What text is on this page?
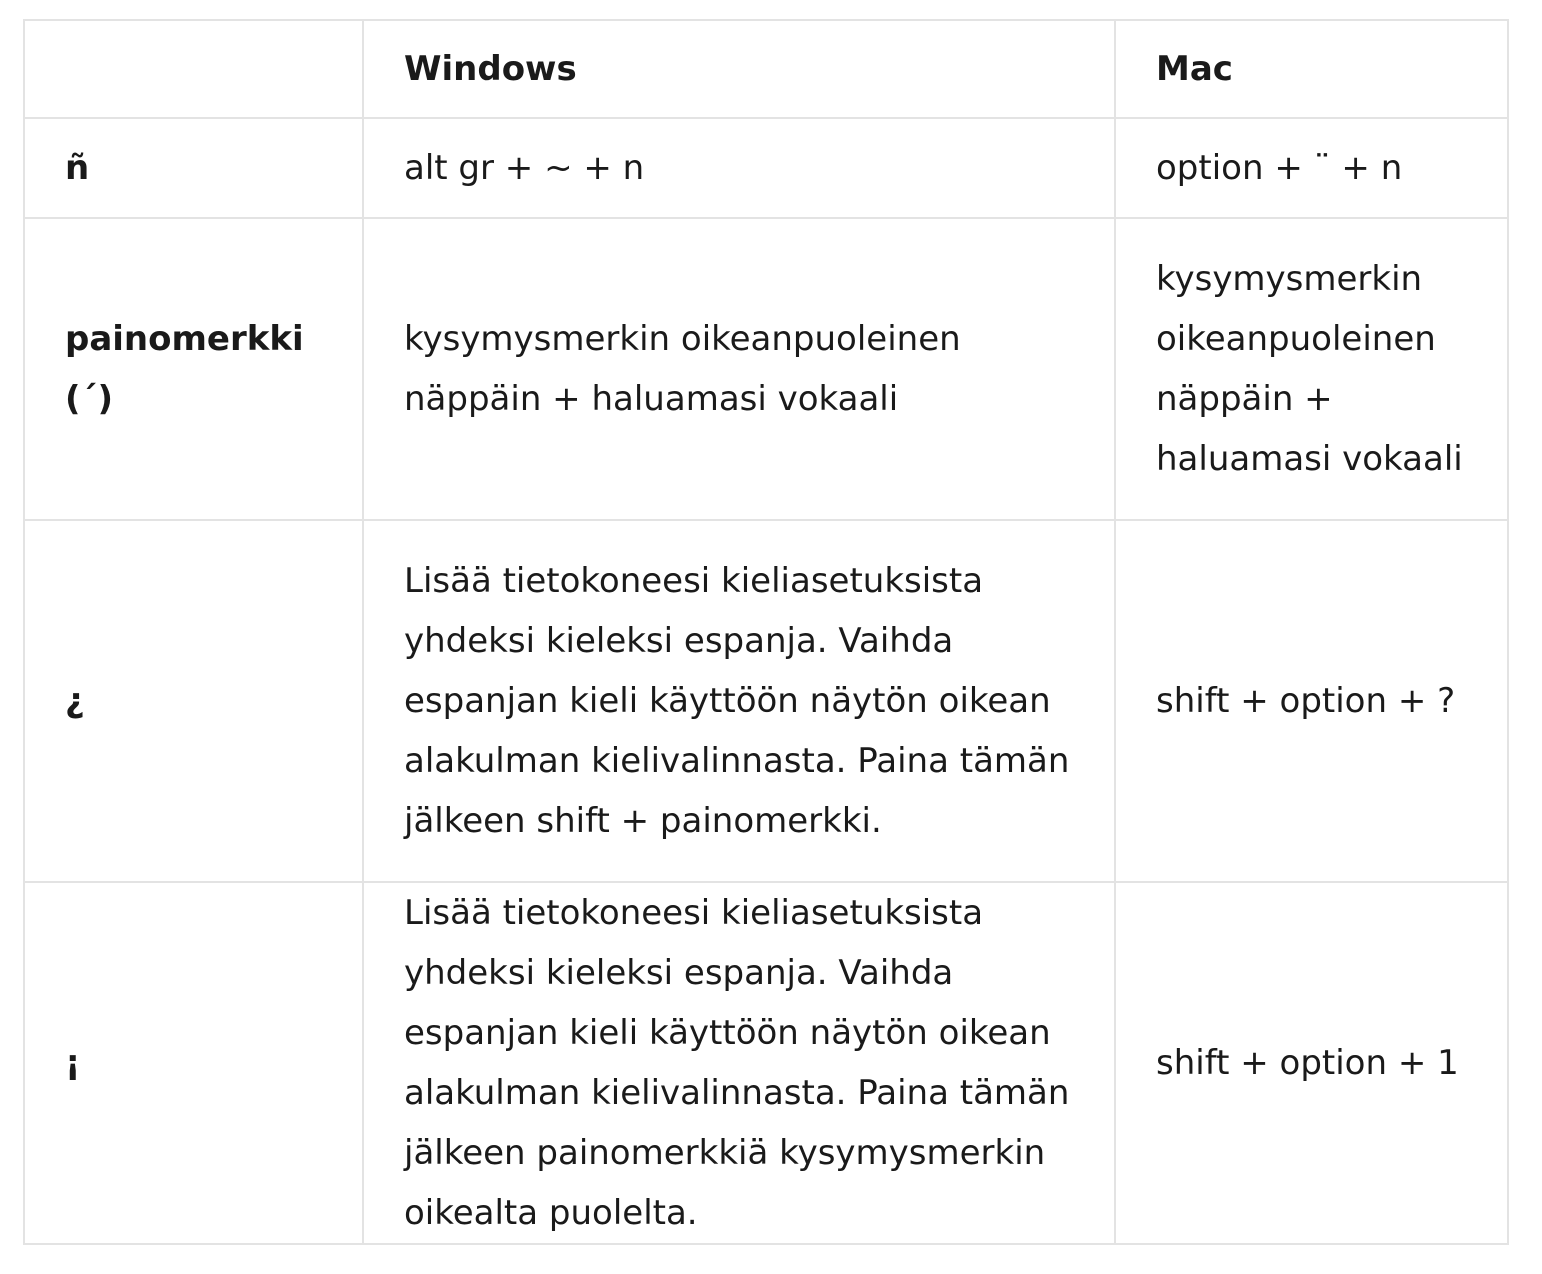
	Windows	Mac
ñ	alt gr + ~ + n	option + ¨ + n
painomerkki (´)	kysymysmerkin oikeanpuoleinen näppäin + haluamasi vokaali	kysymysmerkin oikeanpuoleinen näppäin + haluamasi vokaali
¿	Lisää tietokoneesi kieliasetuksista yhdeksi kieleksi espanja. Vaihda espanjan kieli käyttöön näytön oikean alakulman kielivalinnasta. Paina tämän jälkeen shift + painomerkki.	shift + option + ?
¡	Lisää tietokoneesi kieliasetuksista yhdeksi kieleksi espanja. Vaihda espanjan kieli käyttöön näytön oikean alakulman kielivalinnasta. Paina tämän jälkeen painomerkkiä kysymysmerkin oikealta puolelta.	shift + option + 1
